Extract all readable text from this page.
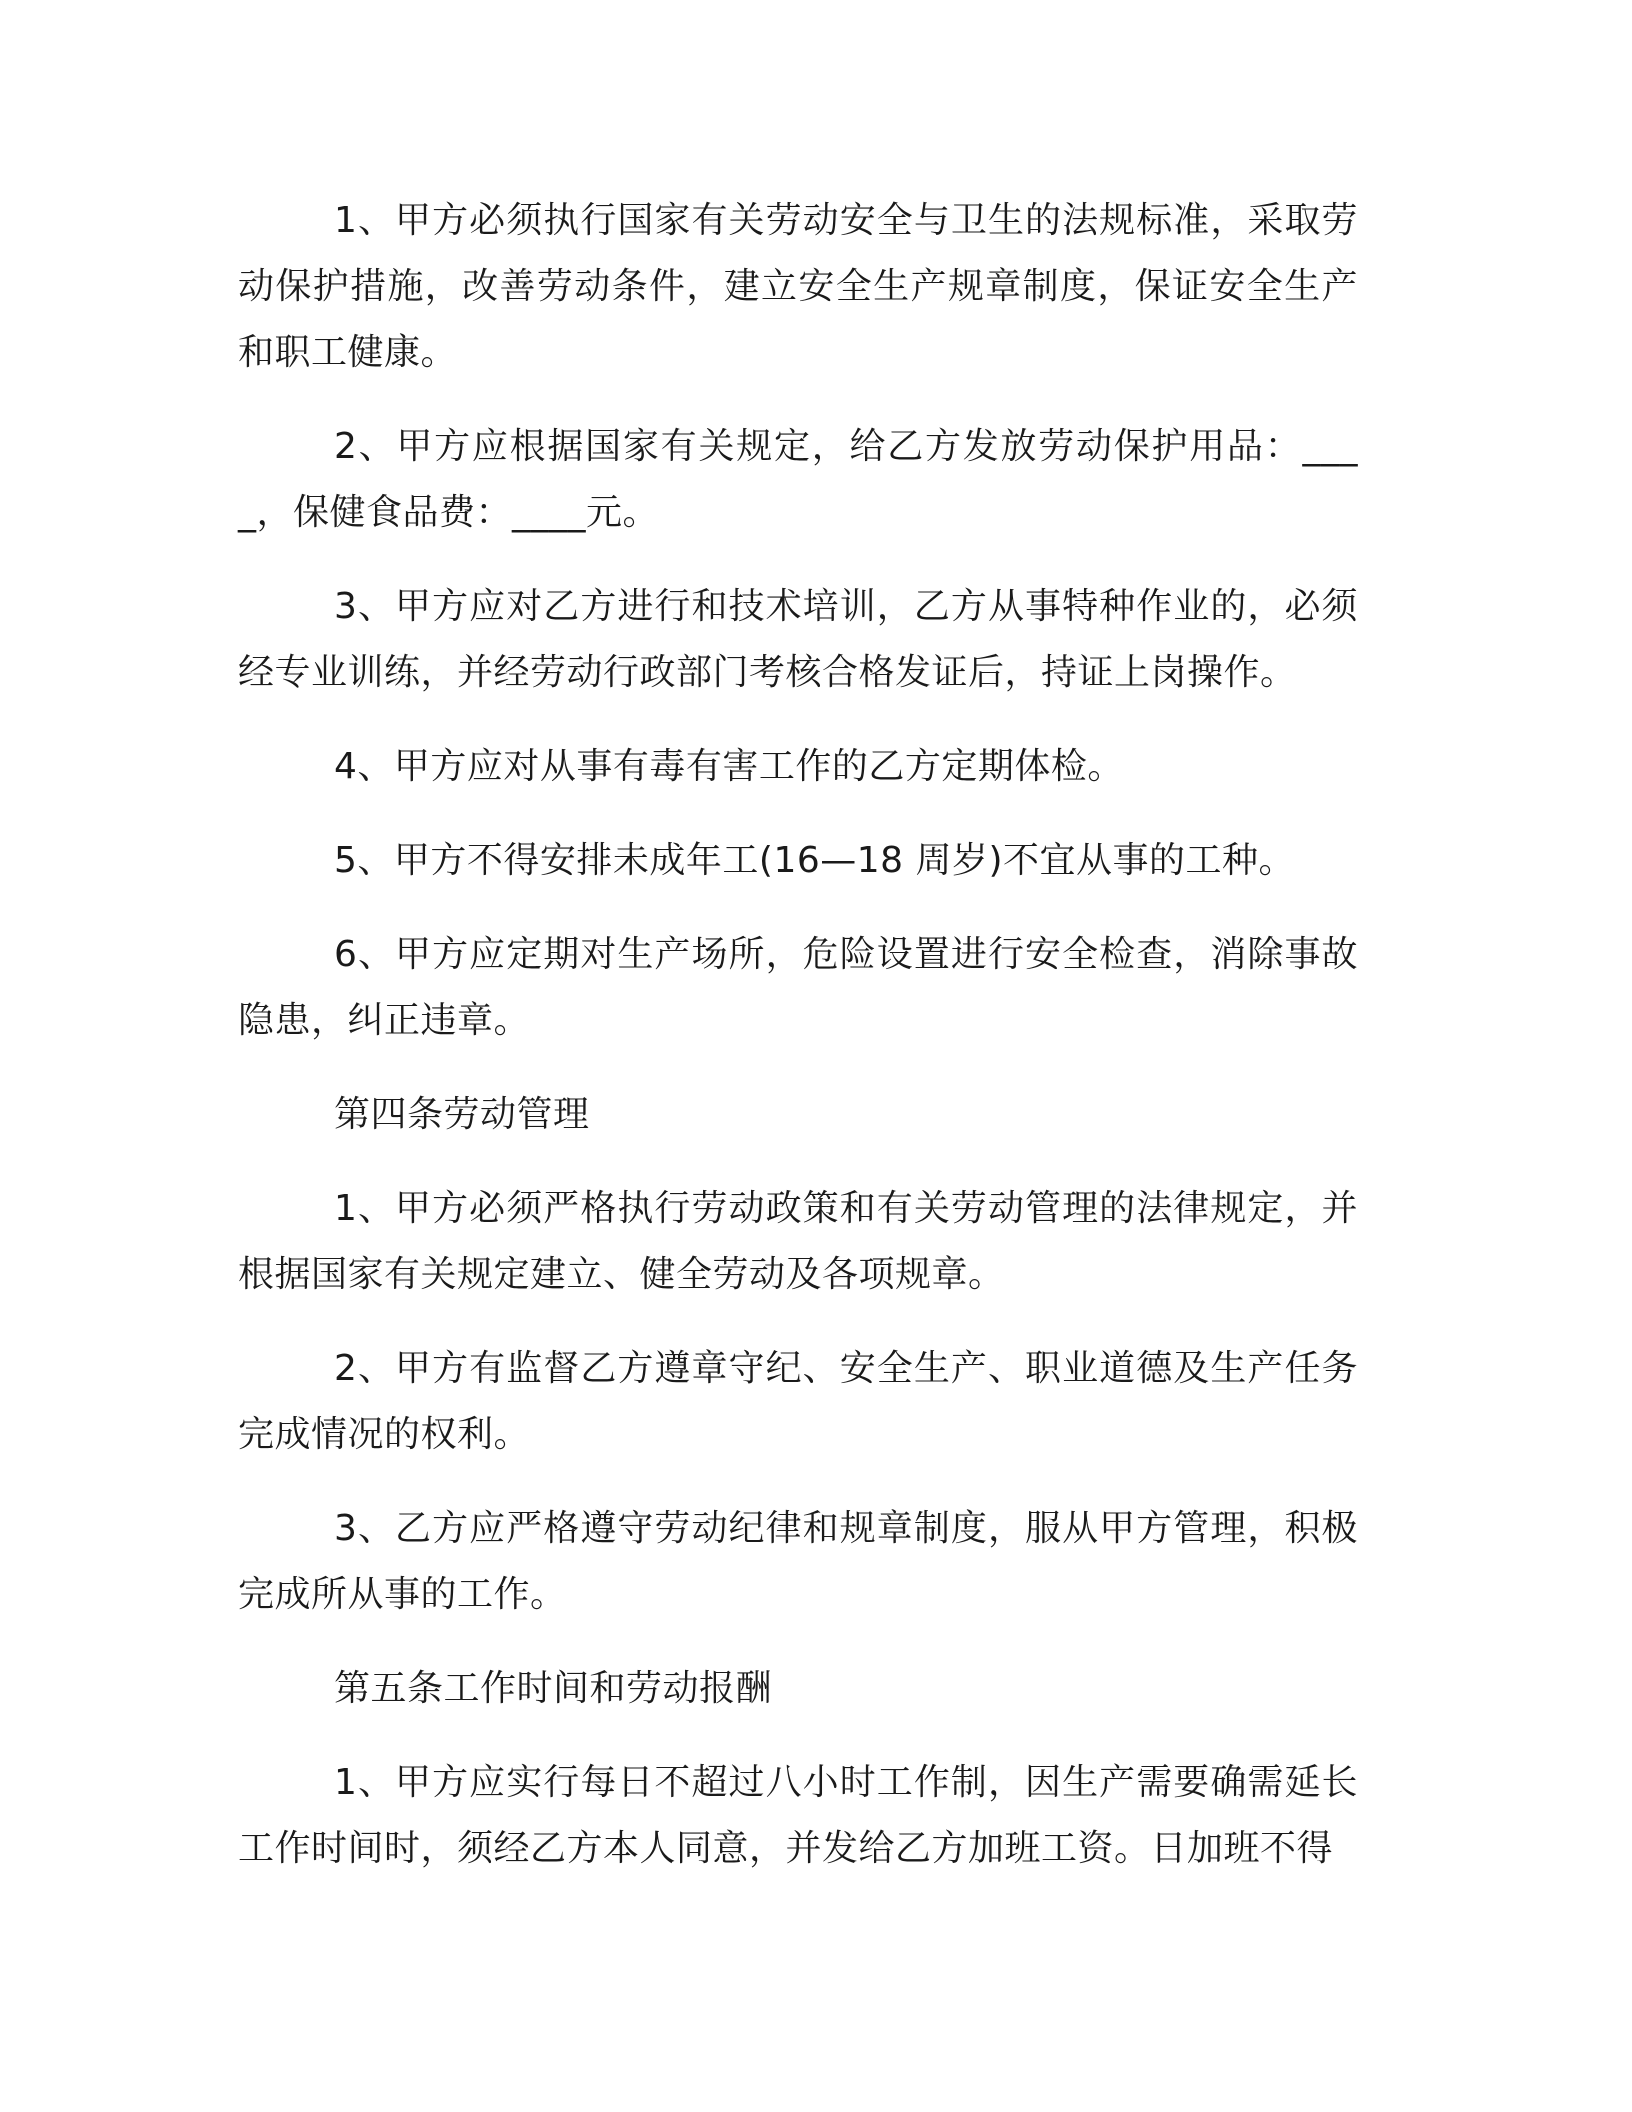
1、甲方必须执行国家有关劳动安全与卫生的法规标准，采取劳动保护措施，改善劳动条件，建立安全生产规章制度，保证安全生产和职工健康。

2、甲方应根据国家有关规定，给乙方发放劳动保护用品：____，保健食品费：____元。

3、甲方应对乙方进行和技术培训，乙方从事特种作业的，必须经专业训练，并经劳动行政部门考核合格发证后，持证上岗操作。

4、甲方应对从事有毒有害工作的乙方定期体检。

5、甲方不得安排未成年工(16—18 周岁)不宜从事的工种。

6、甲方应定期对生产场所，危险设置进行安全检查，消除事故隐患，纠正违章。

第四条劳动管理

1、甲方必须严格执行劳动政策和有关劳动管理的法律规定，并根据国家有关规定建立、健全劳动及各项规章。

2、甲方有监督乙方遵章守纪、安全生产、职业道德及生产任务完成情况的权利。

3、乙方应严格遵守劳动纪律和规章制度，服从甲方管理，积极完成所从事的工作。

第五条工作时间和劳动报酬

1、甲方应实行每日不超过八小时工作制，因生产需要确需延长工作时间时，须经乙方本人同意，并发给乙方加班工资。日加班不得
